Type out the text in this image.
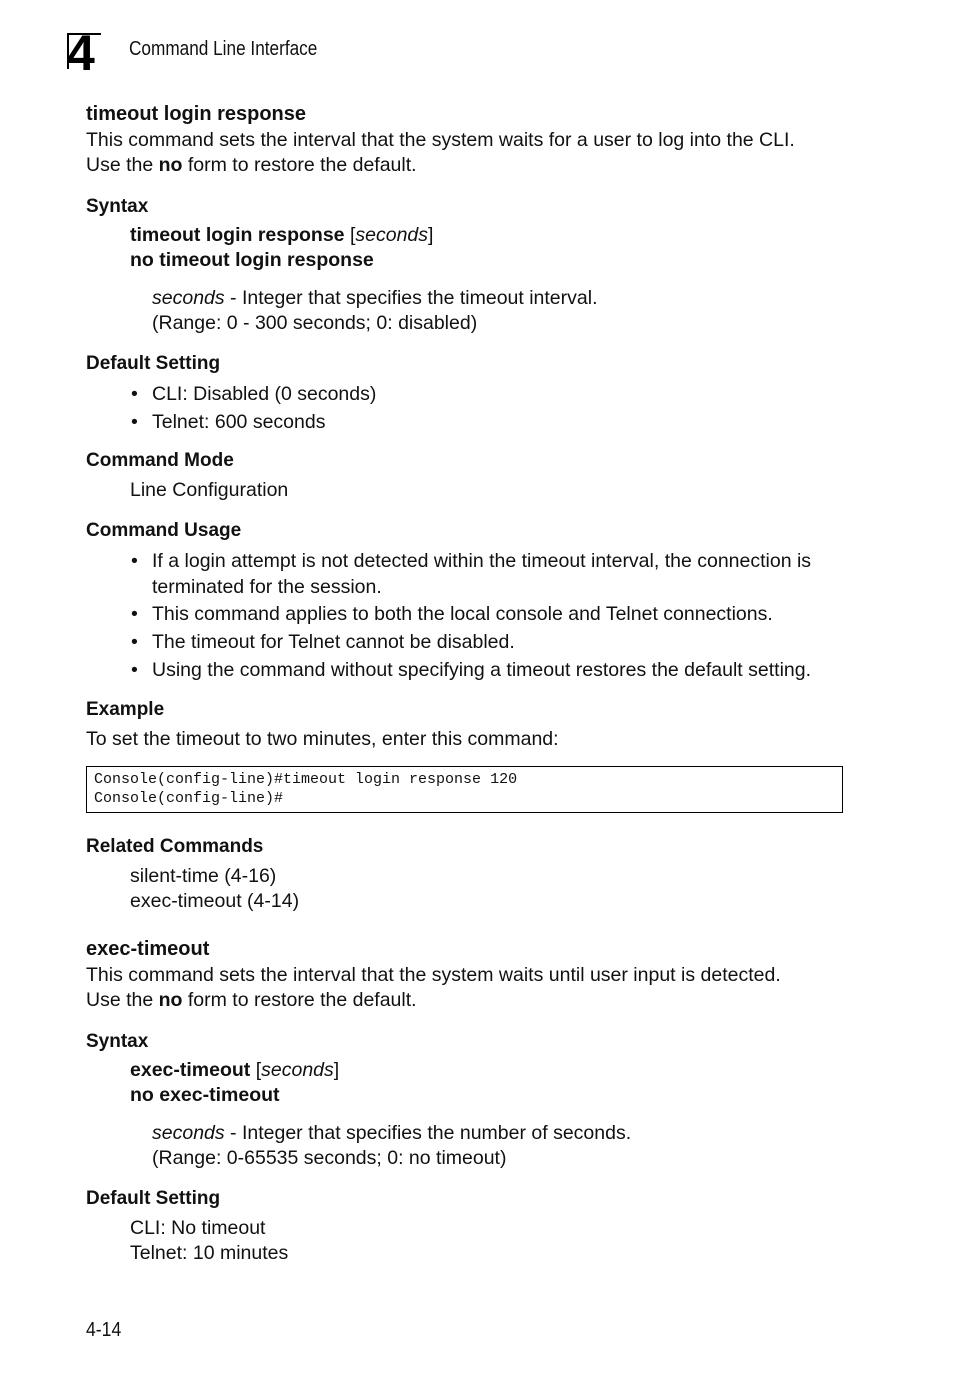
4 Command Line Interface
timeout login response
This command sets the interval that the system waits for a user to log into the CLI.
Use the no form to restore the default.
Syntax
timeout login response [seconds]
no timeout login response
seconds - Integer that specifies the timeout interval.
(Range: 0 - 300 seconds; 0: disabled)
Default Setting
• CLI: Disabled (0 seconds)
• Telnet: 600 seconds
Command Mode
Line Configuration
Command Usage
• If a login attempt is not detected within the timeout interval, the connection is
terminated for the session.
• This command applies to both the local console and Telnet connections.
• The timeout for Telnet cannot be disabled.
• Using the command without specifying a timeout restores the default setting.
Example
To set the timeout to two minutes, enter this command:
Console(config-line)#timeout login response 120
Console(config-line)#
Related Commands
silent-time (4-16)
exec-timeout (4-14)
exec-timeout
This command sets the interval that the system waits until user input is detected.
Use the no form to restore the default.
Syntax
exec-timeout [seconds]
no exec-timeout
seconds - Integer that specifies the number of seconds.
(Range: 0-65535 seconds; 0: no timeout)
Default Setting
CLI: No timeout
Telnet: 10 minutes
4-14
